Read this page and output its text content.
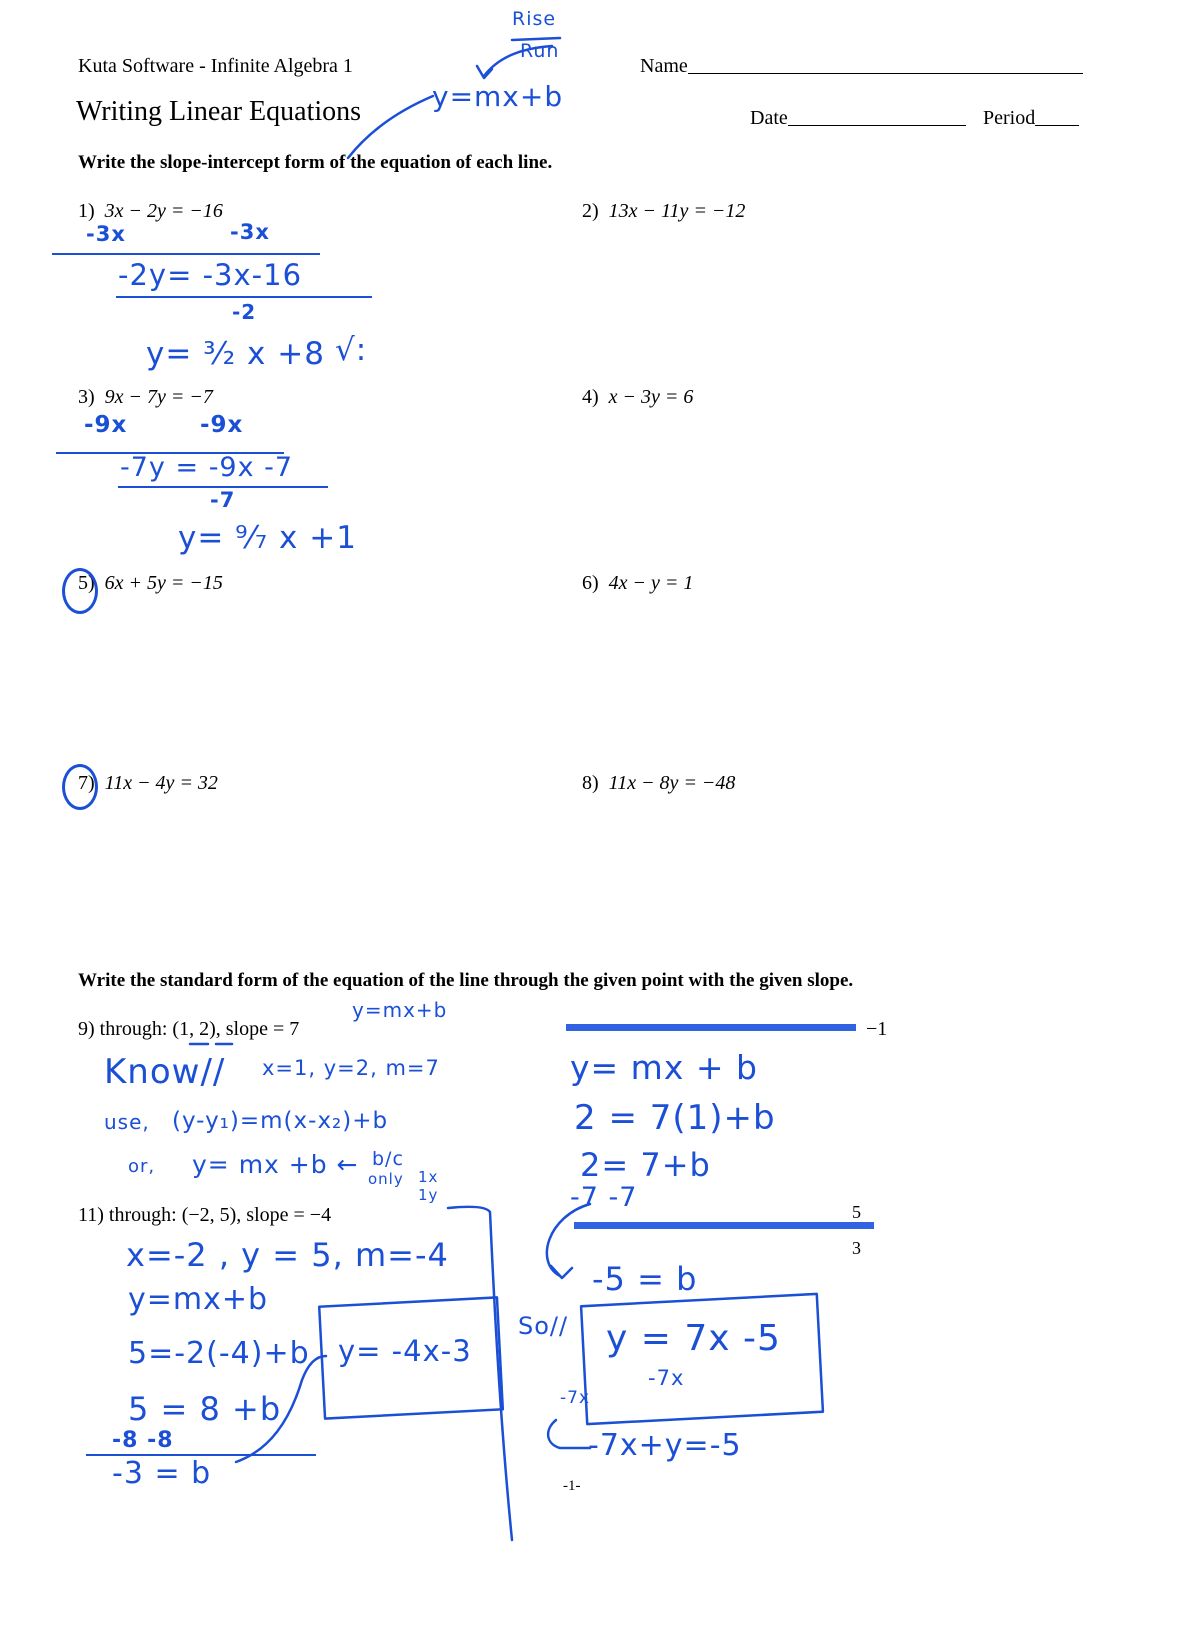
Kuta Software - Infinite Algebra 1
Writing Linear Equations
Name
Date	Period
Write the slope-intercept form of the equation of each line.
1) 3x − 2y = −16	2) 13x − 11y = −12
3) 9x − 7y = −7	4) x − 3y = 6
5) 6x + 5y = −15	6) 4x − y = 1
7) 11x − 4y = 32	8) 11x − 8y = −48
Write the standard form of the equation of the line through the given point with the given slope.
9) through: (1, 2), slope = 7	−1
11) through: (−2, 5), slope = −4	5
3
-1-
Rise
Run
y=mx+b
-3x	-3x
-2y= -3x-16
-2
y= ³⁄₂ x +8 √:
-9x	-9x
-7y = -9x -7
-7
y= ⁹⁄₇ x +1
y=mx+b
Know// x=1, y=2, m=7
use, (y-y₁)=m(x-x₂)+b
or, y= mx +b ← b/c
only 1x
1y
y= mx + b
2 = 7(1)+b
2= 7+b
-7 -7
-5 = b
So// y = 7x -5
-7x
-7x
-7x+y=-5
x=-2 , y = 5, m=-4
y=mx+b
5=-2(-4)+b
5 = 8 +b
-8 -8
-3 = b
y= -4x-3
